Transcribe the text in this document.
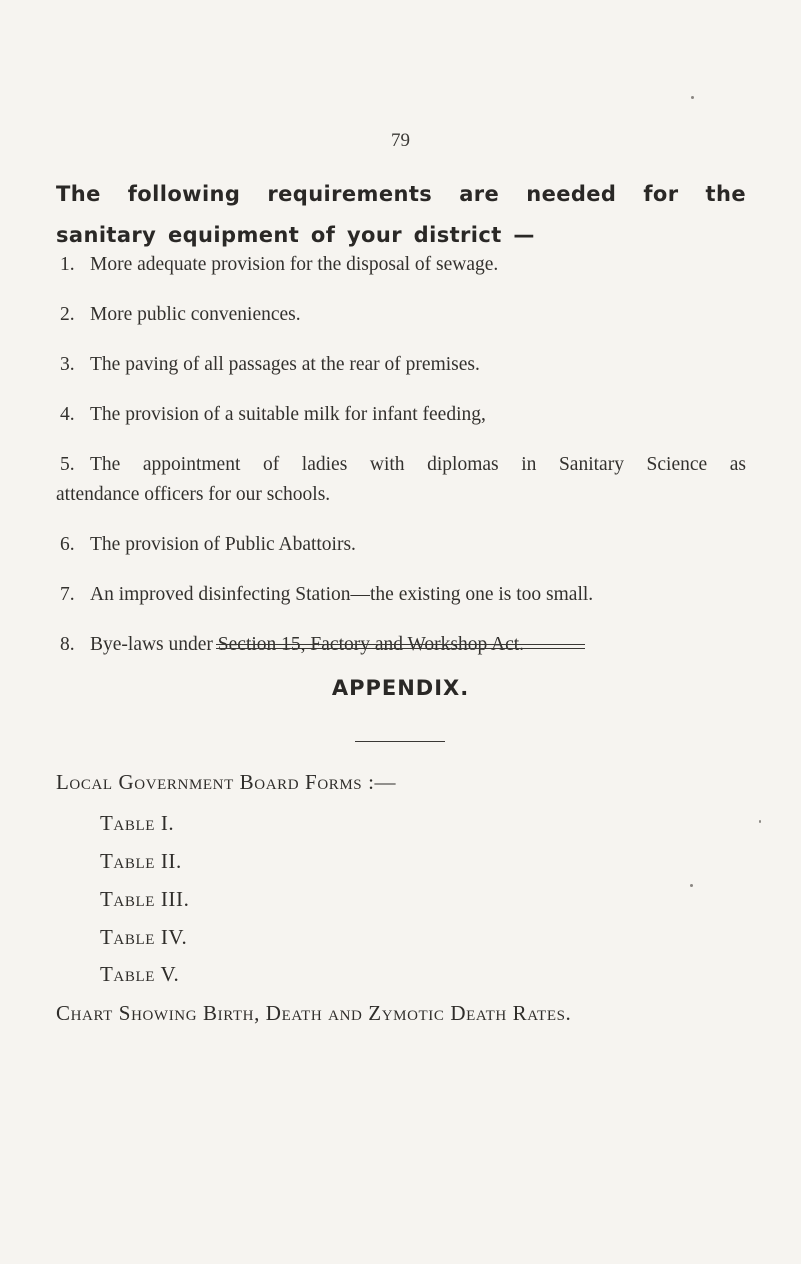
79
The following requirements are needed for the
sanitary equipment of your district —
1. More adequate provision for the disposal of sewage.
2. More public conveniences.
3. The paving of all passages at the rear of premises.
4. The provision of a suitable milk for infant feeding,
5. The appointment of ladies with diplomas in Sanitary Science as
attendance officers for our schools.
6. The provision of Public Abattoirs.
7. An improved disinfecting Station—the existing one is too small.
8. Bye-laws under Section 15, Factory and Workshop Act.
APPENDIX.
Local Government Board Forms :—
Table I.
Table II.
Table III.
Table IV.
Table V.
Chart Showing Birth, Death and Zymotic Death Rates.
